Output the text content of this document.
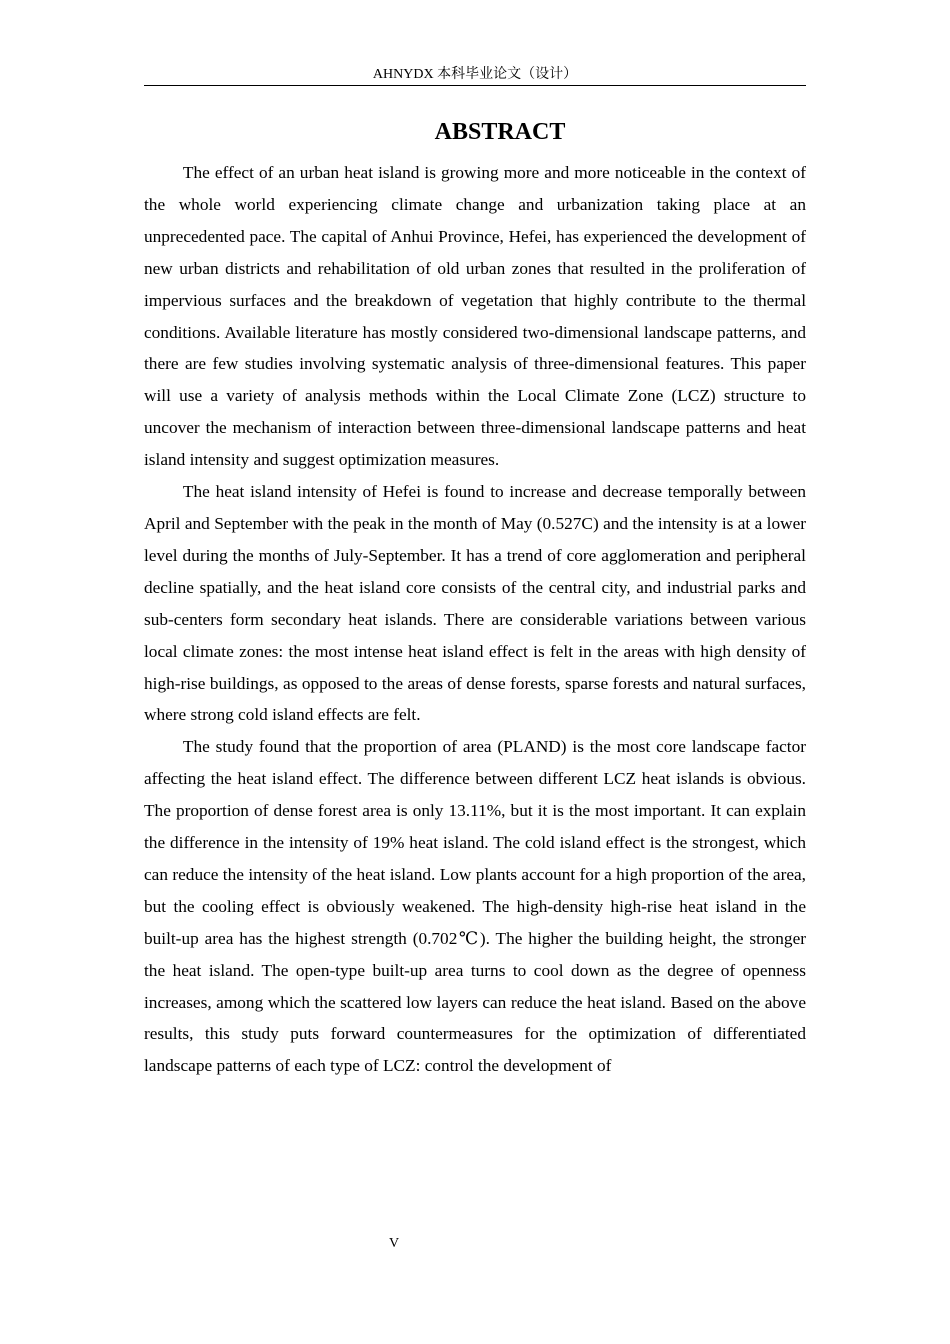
AHNYDX 本科毕业论文（设计）
ABSTRACT

The effect of an urban heat island is growing more and more noticeable in the context of the whole world experiencing climate change and urbanization taking place at an unprecedented pace. The capital of Anhui Province, Hefei, has experienced the development of new urban districts and rehabilitation of old urban zones that resulted in the proliferation of impervious surfaces and the breakdown of vegetation that highly contribute to the thermal conditions. Available literature has mostly considered two-dimensional landscape patterns, and there are few studies involving systematic analysis of three-dimensional features. This paper will use a variety of analysis methods within the Local Climate Zone (LCZ) structure to uncover the mechanism of interaction between three-dimensional landscape patterns and heat island intensity and suggest optimization measures.

The heat island intensity of Hefei is found to increase and decrease temporally between April and September with the peak in the month of May (0.527C) and the intensity is at a lower level during the months of July-September. It has a trend of core agglomeration and peripheral decline spatially, and the heat island core consists of the central city, and industrial parks and sub-centers form secondary heat islands. There are considerable variations between various local climate zones: the most intense heat island effect is felt in the areas with high density of high-rise buildings, as opposed to the areas of dense forests, sparse forests and natural surfaces, where strong cold island effects are felt.

The study found that the proportion of area (PLAND) is the most core landscape factor affecting the heat island effect. The difference between different LCZ heat islands is obvious. The proportion of dense forest area is only 13.11%, but it is the most important. It can explain the difference in the intensity of 19% heat island. The cold island effect is the strongest, which can reduce the intensity of the heat island. Low plants account for a high proportion of the area, but the cooling effect is obviously weakened. The high-density high-rise heat island in the built-up area has the highest strength (0.702℃). The higher the building height, the stronger the heat island. The open-type built-up area turns to cool down as the degree of openness increases, among which the scattered low layers can reduce the heat island. Based on the above results, this study puts forward countermeasures for the optimization of differentiated landscape patterns of each type of LCZ: control the development of

V
